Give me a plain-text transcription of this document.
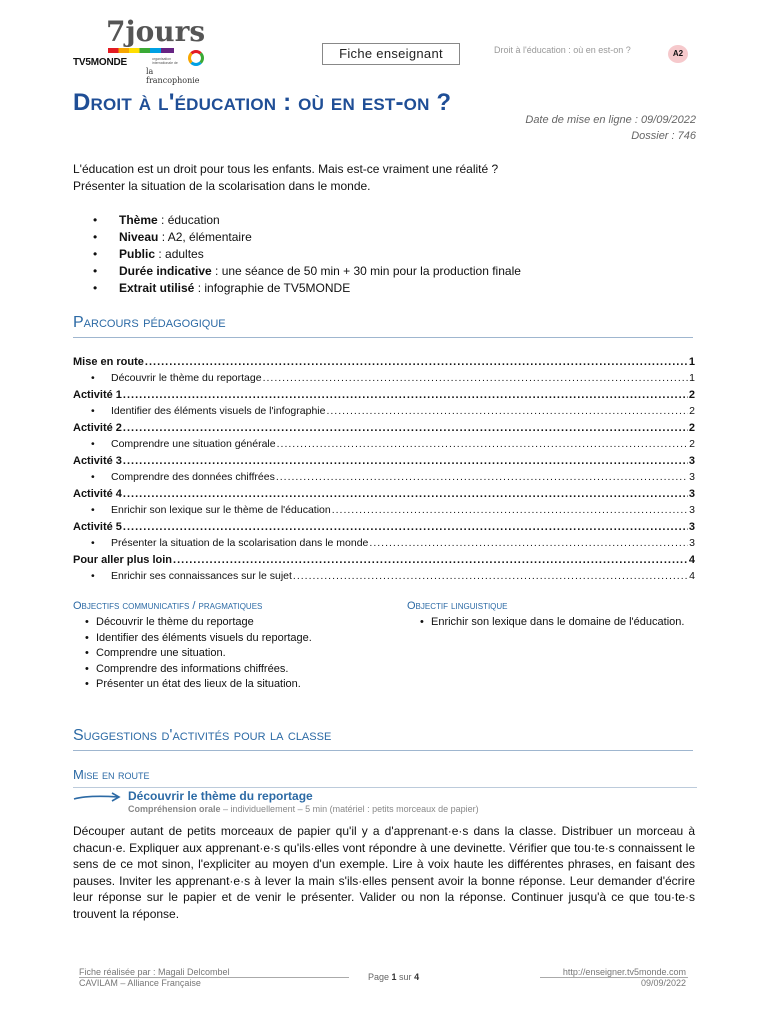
7jours
TV5MONDE	organisation internationale de
la francophonie
Fiche enseignant	Droit à l'éducation : où en est-on ?	A2
Droit à l'éducation : où en est-on ?
Date de mise en ligne : 09/09/2022
Dossier : 746
L'éducation est un droit pour tous les enfants. Mais est-ce vraiment une réalité ?
Présenter la situation de la scolarisation dans le monde.
• Thème : éducation
• Niveau : A2, élémentaire
• Public : adultes
• Durée indicative : une séance de 50 min + 30 min pour la production finale
• Extrait utilisé : infographie de TV5MONDE
Parcours pédagogique
Mise en route .....	1
•	Découvrir le thème du reportage .....	1
Activité 1 .....	2
•	Identifier des éléments visuels de l'infographie .....	2
Activité 2 .....	2
•	Comprendre une situation générale .....	2
Activité 3 .....	3
•	Comprendre des données chiffrées .....	3
Activité 4 .....	3
•	Enrichir son lexique sur le thème de l'éducation .....	3
Activité 5 .....	3
•	Présenter la situation de la scolarisation dans le monde .....	3
Pour aller plus loin .....	4
•	Enrichir ses connaissances sur le sujet .....	4
Objectifs communicatifs / pragmatiques
• Découvrir le thème du reportage
• Identifier des éléments visuels du reportage.
• Comprendre une situation.
• Comprendre des informations chiffrées.
• Présenter un état des lieux de la situation.
Objectif linguistique
• Enrichir son lexique dans le domaine de l'éducation.
Suggestions d'activités pour la classe
Mise en route
Découvrir le thème du reportage
Compréhension orale – individuellement – 5 min (matériel : petits morceaux de papier)
Découper autant de petits morceaux de papier qu'il y a d'apprenant·e·s dans la classe. Distribuer un morceau à chacun·e. Expliquer aux apprenant·e·s qu'ils·elles vont répondre à une devinette. Vérifier que tou·te·s connaissent le sens de ce mot sinon, l'expliciter au moyen d'un exemple. Lire à voix haute les différentes phrases, en faisant des pauses. Inviter les apprenant·e·s à lever la main s'ils·elles pensent avoir la bonne réponse. Leur demander d'écrire leur réponse sur le papier et de venir le présenter. Valider ou non la réponse. Continuer jusqu'à ce que tou·te·s trouvent la réponse.
Fiche réalisée par : Magali Delcombel
CAVILAM – Alliance Française
Page 1 sur 4	http://enseigner.tv5monde.com
09/09/2022
